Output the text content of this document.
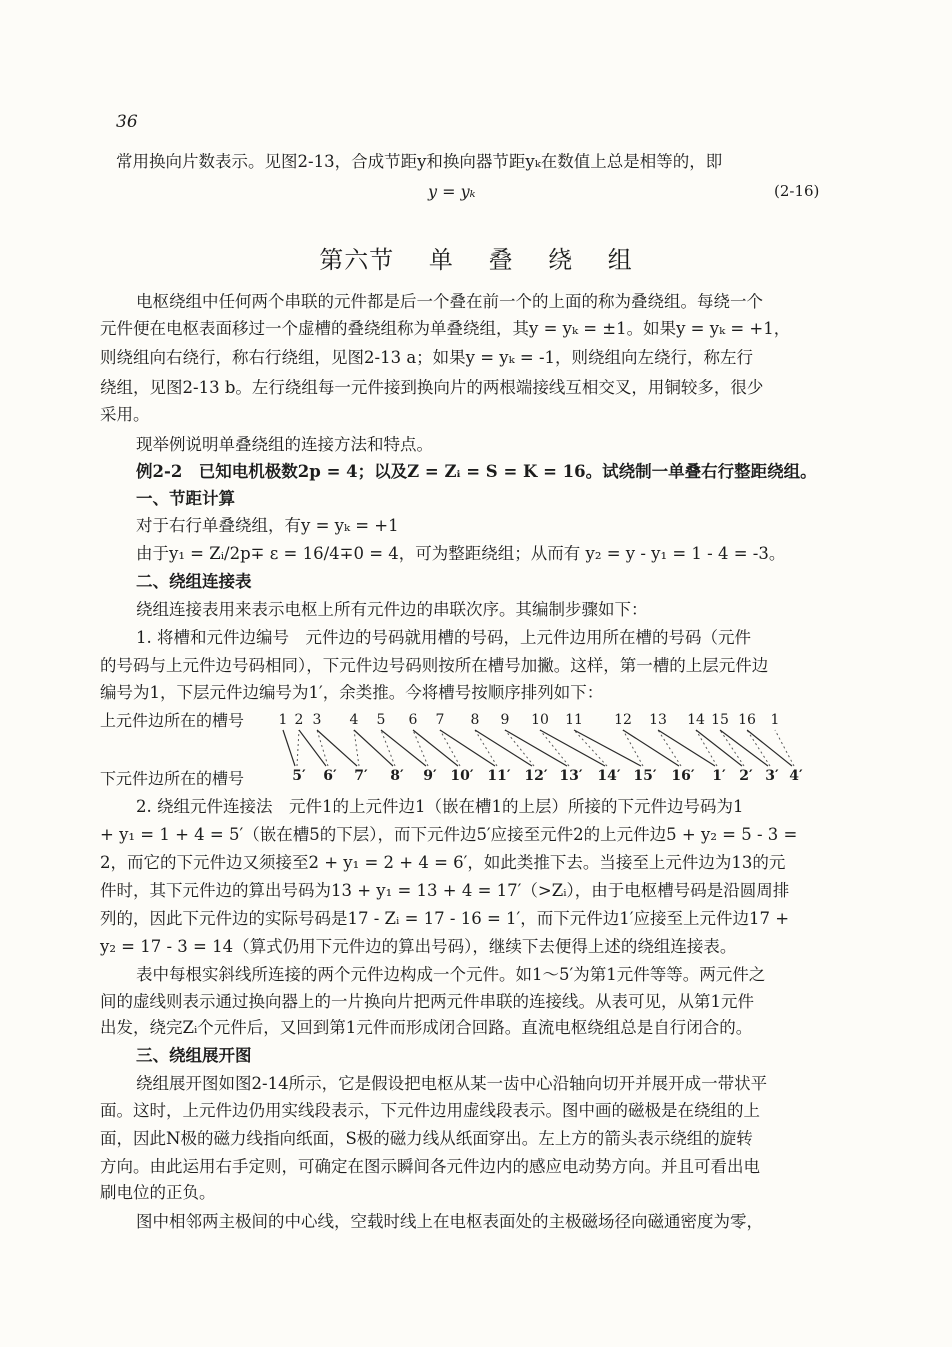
36
常用换向片数表示。见图2-13，合成节距y和换向器节距yₖ在数值上总是相等的，即
y = yₖ	(2-16)
第六节 单 叠 绕 组
电枢绕组中任何两个串联的元件都是后一个叠在前一个的上面的称为叠绕组。每绕一个
元件便在电枢表面移过一个虚槽的叠绕组称为单叠绕组，其y = yₖ = ±1。如果y = yₖ = +1，
则绕组向右绕行，称右行绕组，见图2-13 a；如果y = yₖ = -1，则绕组向左绕行，称左行
绕组，见图2-13 b。左行绕组每一元件接到换向片的两根端接线互相交叉，用铜较多，很少
采用。
现举例说明单叠绕组的连接方法和特点。
例2-2　已知电机极数2p = 4；以及Z = Zᵢ = S = K = 16。试绕制一单叠右行整距绕组。
一、节距计算
对于右行单叠绕组，有y = yₖ = +1
由于y₁ = Zᵢ/2p∓ ε = 16/4∓0 = 4，可为整距绕组；从而有 y₂ = y - y₁ = 1 - 4 = -3。
二、绕组连接表
绕组连接表用来表示电枢上所有元件边的串联次序。其编制步骤如下：
1. 将槽和元件边编号　元件边的号码就用槽的号码，上元件边用所在槽的号码（元件
的号码与上元件边号码相同），下元件边号码则按所在槽号加撇。这样，第一槽的上层元件边
编号为1，下层元件边编号为1′，余类推。今将槽号按顺序排列如下：
上元件边所在的槽号
下元件边所在的槽号
1 2 3 4 5 6 7 8 9 10 11 12 13 14 15 16 1
5′ 6′ 7′ 8′ 9′ 10′ 11′ 12′ 13′ 14′ 15′ 16′ 1′ 2′ 3′ 4′
2. 绕组元件连接法　元件1的上元件边1（嵌在槽1的上层）所接的下元件边号码为1
+ y₁ = 1 + 4 = 5′（嵌在槽5的下层），而下元件边5′应接至元件2的上元件边5 + y₂ = 5 - 3 =
2，而它的下元件边又须接至2 + y₁ = 2 + 4 = 6′，如此类推下去。当接至上元件边为13的元
件时，其下元件边的算出号码为13 + y₁ = 13 + 4 = 17′（>Zᵢ），由于电枢槽号码是沿圆周排
列的，因此下元件边的实际号码是17 - Zᵢ = 17 - 16 = 1′，而下元件边1′应接至上元件边17 +
y₂ = 17 - 3 = 14（算式仍用下元件边的算出号码），继续下去便得上述的绕组连接表。
表中每根实斜线所连接的两个元件边构成一个元件。如1～5′为第1元件等等。两元件之
间的虚线则表示通过换向器上的一片换向片把两元件串联的连接线。从表可见，从第1元件
出发，绕完Zᵢ个元件后，又回到第1元件而形成闭合回路。直流电枢绕组总是自行闭合的。
三、绕组展开图
绕组展开图如图2-14所示，它是假设把电枢从某一齿中心沿轴向切开并展开成一带状平
面。这时，上元件边仍用实线段表示，下元件边用虚线段表示。图中画的磁极是在绕组的上
面，因此N极的磁力线指向纸面，S极的磁力线从纸面穿出。左上方的箭头表示绕组的旋转
方向。由此运用右手定则，可确定在图示瞬间各元件边内的感应电动势方向。并且可看出电
刷电位的正负。
图中相邻两主极间的中心线，空载时线上在电枢表面处的主极磁场径向磁通密度为零，
